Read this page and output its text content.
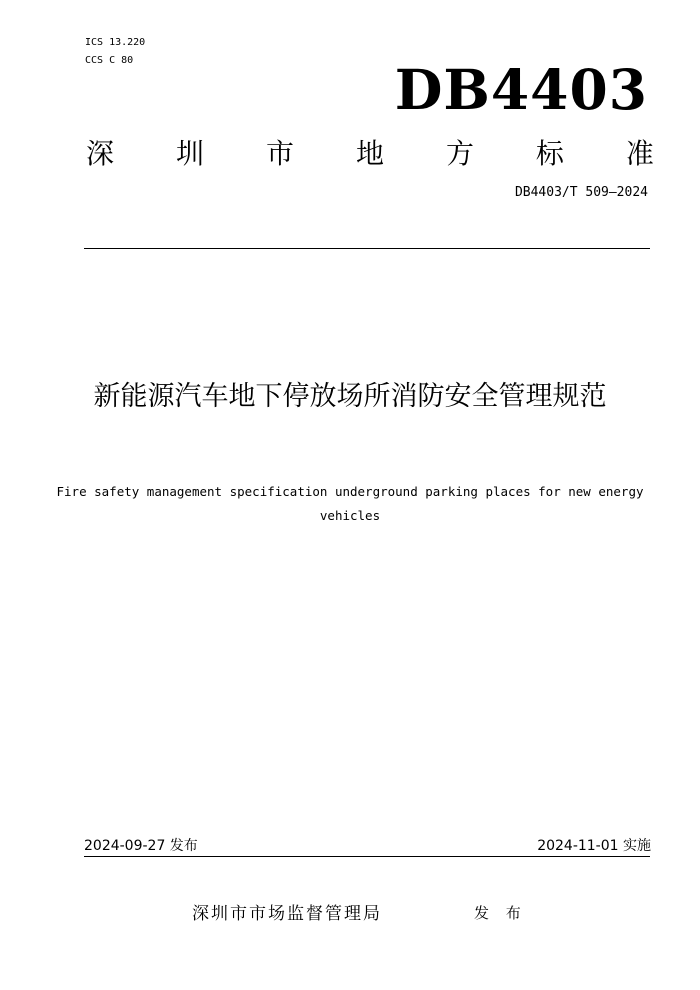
ICS 13.220
CCS C 80	DB4403
深 圳 市 地 方 标 准
DB4403/T 509—2024
新能源汽车地下停放场所消防安全管理规范
Fire safety management specification underground parking places for new energy vehicles
2024-09-27 发布	2024-11-01 实施
深圳市市场监督管理局	发 布
